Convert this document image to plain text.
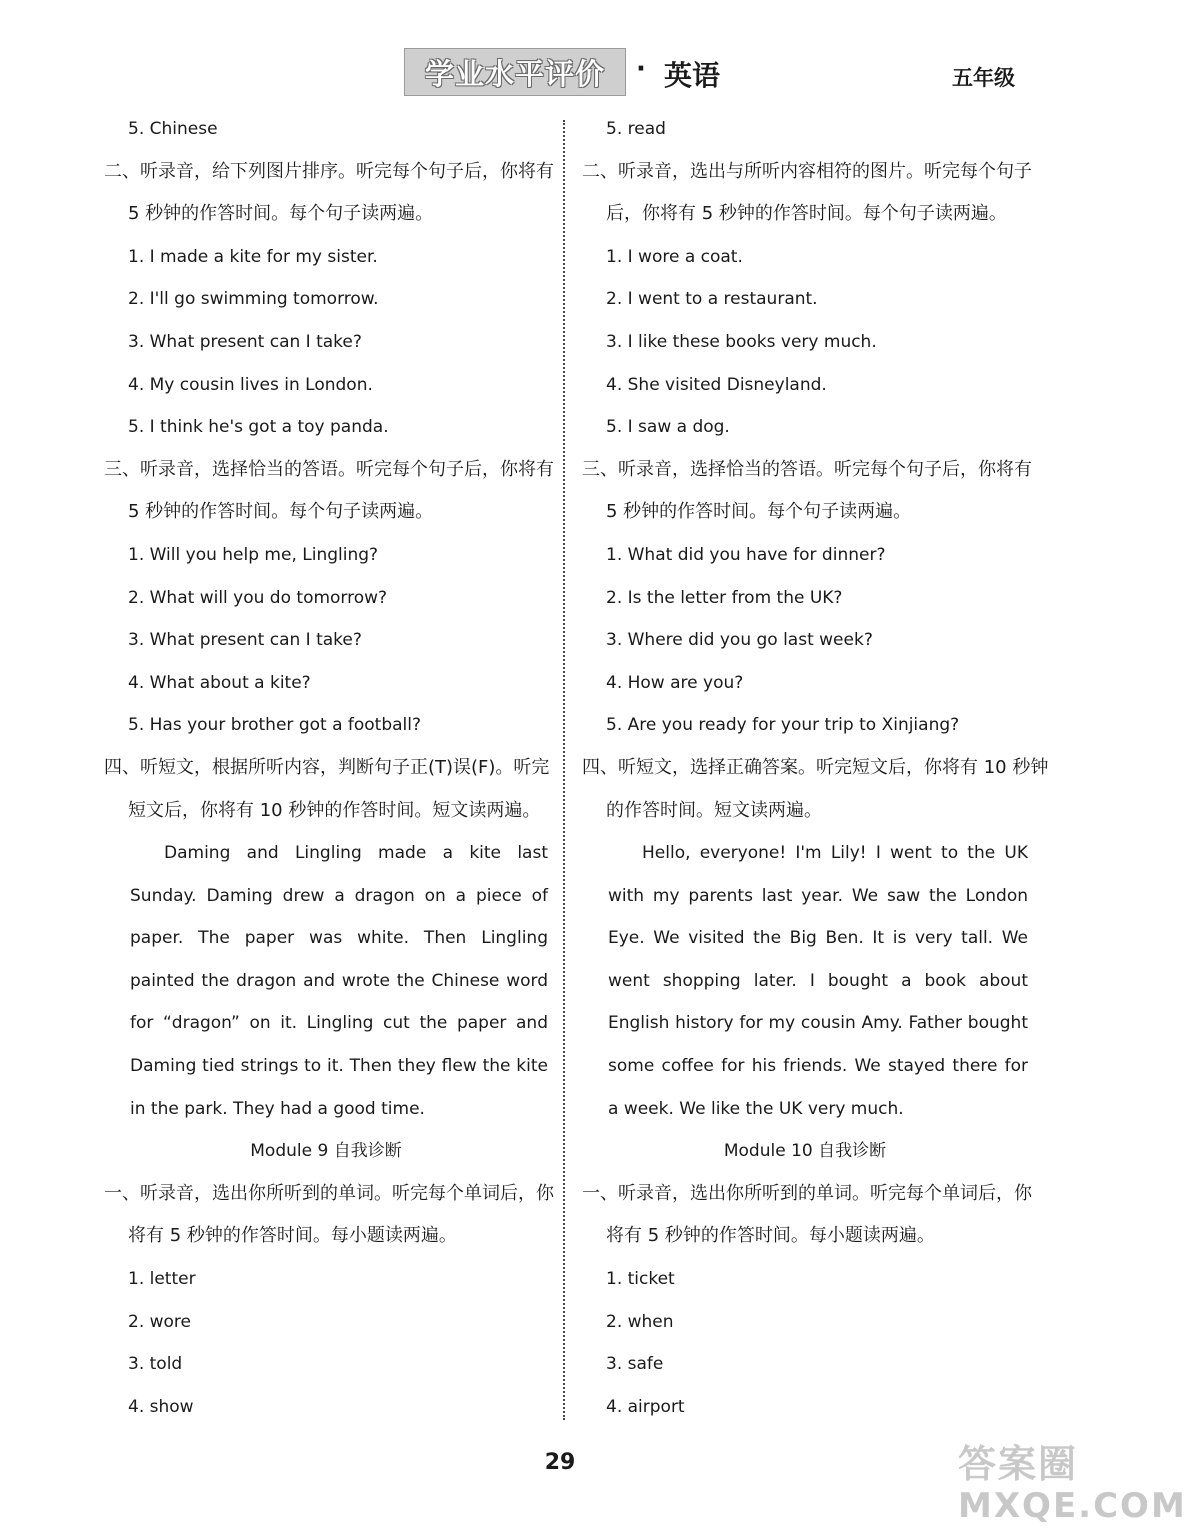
学业水平评价 · 英语	五年级
5. Chinese
二、听录音，给下列图片排序。听完每个句子后，你将有
5 秒钟的作答时间。每个句子读两遍。
1. I made a kite for my sister.
2. I'll go swimming tomorrow.
3. What present can I take?
4. My cousin lives in London.
5. I think he's got a toy panda.
三、听录音，选择恰当的答语。听完每个句子后，你将有
5 秒钟的作答时间。每个句子读两遍。
1. Will you help me, Lingling?
2. What will you do tomorrow?
3. What present can I take?
4. What about a kite?
5. Has your brother got a football?
四、听短文，根据所听内容，判断句子正(T)误(F)。听完
短文后，你将有 10 秒钟的作答时间。短文读两遍。
Daming and Lingling made a kite last Sunday. Daming drew a dragon on a piece of paper. The paper was white. Then Lingling painted the dragon and wrote the Chinese word for “dragon” on it. Lingling cut the paper and Daming tied strings to it. Then they flew the kite in the park. They had a good time.
Module 9 自我诊断
一、听录音，选出你所听到的单词。听完每个单词后，你
将有 5 秒钟的作答时间。每小题读两遍。
1. letter
2. wore
3. told
4. show
5. read
二、听录音，选出与所听内容相符的图片。听完每个句子
后，你将有 5 秒钟的作答时间。每个句子读两遍。
1. I wore a coat.
2. I went to a restaurant.
3. I like these books very much.
4. She visited Disneyland.
5. I saw a dog.
三、听录音，选择恰当的答语。听完每个句子后，你将有
5 秒钟的作答时间。每个句子读两遍。
1. What did you have for dinner?
2. Is the letter from the UK?
3. Where did you go last week?
4. How are you?
5. Are you ready for your trip to Xinjiang?
四、听短文，选择正确答案。听完短文后，你将有 10 秒钟
的作答时间。短文读两遍。
Hello, everyone! I'm Lily! I went to the UK with my parents last year. We saw the London Eye. We visited the Big Ben. It is very tall. We went shopping later. I bought a book about English history for my cousin Amy. Father bought some coffee for his friends. We stayed there for a week. We like the UK very much.
Module 10 自我诊断
一、听录音，选出你所听到的单词。听完每个单词后，你
将有 5 秒钟的作答时间。每小题读两遍。
1. ticket
2. when
3. safe
4. airport
29	答案圈
MXQE.COM
